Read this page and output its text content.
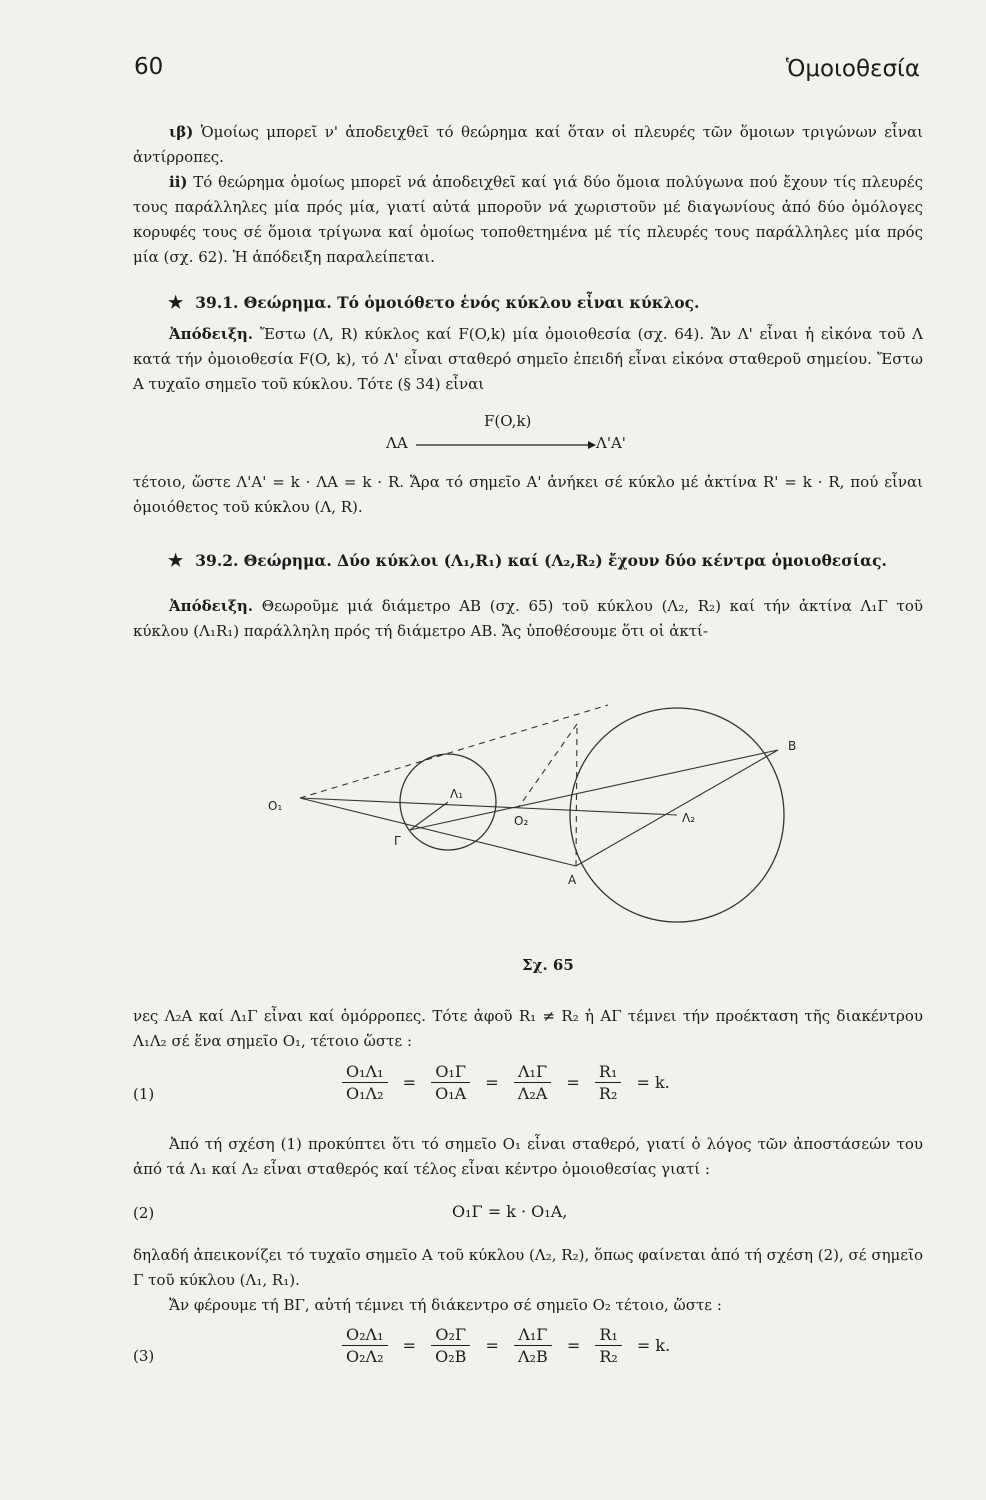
60	Ὁμοιοθεσία

ιβ) Ὁμοίως μπορεῖ ν' ἀποδειχθεῖ τό θεώρημα καί ὅταν οἱ πλευρές τῶν ὅμοιων τριγώνων εἶναι ἀντίρροπες.

ii) Τό θεώρημα ὁμοίως μπορεῖ νά ἀποδειχθεῖ καί γιά δύο ὅμοια πολύγωνα πού ἔχουν τίς πλευρές τους παράλληλες μία πρός μία, γιατί αὐτά μποροῦν νά χωριστοῦν μέ διαγωνίους ἀπό δύο ὁμόλογες κορυφές τους σέ ὅμοια τρίγωνα καί ὁμοίως τοποθετημένα μέ τίς πλευρές τους παράλληλες μία πρός μία (σχ. 62). Ἡ ἀπόδειξη παραλείπεται.

★ 39.1. Θεώρημα. Τό ὁμοιόθετο ἑνός κύκλου εἶναι κύκλος.

Ἀπόδειξη. Ἔστω (Λ, R) κύκλος καί F(O,k) μία ὁμοιοθεσία (σχ. 64). Ἄν Λ' εἶναι ἡ εἰκόνα τοῦ Λ κατά τήν ὁμοιοθεσία F(O, k), τό Λ' εἶναι σταθερό σημεῖο ἐπειδή εἶναι εἰκόνα σταθεροῦ σημείου. Ἔστω Α τυχαῖο σημεῖο τοῦ κύκλου. Τότε (§ 34) εἶναι

F(O,k)
ΛΑ	Λ'Α'

τέτοιο, ὥστε Λ'Α' = k · ΛΑ = k · R. Ἄρα τό σημεῖο Α' ἀνήκει σέ κύκλο μέ ἀκτίνα R' = k · R, πού εἶναι ὁμοιόθετος τοῦ κύκλου (Λ, R).

★ 39.2. Θεώρημα. Δύο κύκλοι (Λ₁,R₁) καί (Λ₂,R₂) ἔχουν δύο κέντρα ὁμοιοθεσίας.

Ἀπόδειξη. Θεωροῦμε μιά διάμετρο ΑΒ (σχ. 65) τοῦ κύκλου (Λ₂, R₂) καί τήν ἀκτίνα Λ₁Γ τοῦ κύκλου (Λ₁R₁) παράλληλη πρός τή διάμετρο ΑΒ. Ἄς ὑποθέσουμε ὅτι οἱ ἀκτί-

O₁
Λ₁
Γ
O₂	Λ₂
Α
B
Σχ. 65

νες Λ₂Α καί Λ₁Γ εἶναι καί ὁμόρροπες. Τότε ἀφοῦ R₁ ≠ R₂ ἡ ΑΓ τέμνει τήν προέκταση τῆς διακέντρου Λ₁Λ₂ σέ ἕνα σημεῖο O₁, τέτοιο ὥστε :

(1)	$\frac{\text{O₁Λ₁}}{\text{O₁Λ₂}} = \frac{\text{O₁Γ}}{\text{O₁Α}} = \frac{\text{Λ₁Γ}}{\text{Λ₂Α}} = \frac{\text{R₁}}{\text{R₂}} = k$.

Ἀπό τή σχέση (1) προκύπτει ὅτι τό σημεῖο O₁ εἶναι σταθερό, γιατί ὁ λόγος τῶν ἀποστάσεών του ἀπό τά Λ₁ καί Λ₂ εἶναι σταθερός καί τέλος εἶναι κέντρο ὁμοιοθεσίας γιατί :

(2)	O₁Γ = k · O₁Α,

δηλαδή ἀπεικονίζει τό τυχαῖο σημεῖο Α τοῦ κύκλου (Λ₂, R₂), ὅπως φαίνεται ἀπό τή σχέση (2), σέ σημεῖο Γ τοῦ κύκλου (Λ₁, R₁).

Ἄν φέρουμε τή ΒΓ, αὐτή τέμνει τή διάκεντρο σέ σημεῖο O₂ τέτοιο, ὥστε :

(3)	$\frac{\text{O₂Λ₁}}{\text{O₂Λ₂}} = \frac{\text{O₂Γ}}{\text{O₂Β}} = \frac{\text{Λ₁Γ}}{\text{Λ₂Β}} = \frac{\text{R₁}}{\text{R₂}} = k$.
